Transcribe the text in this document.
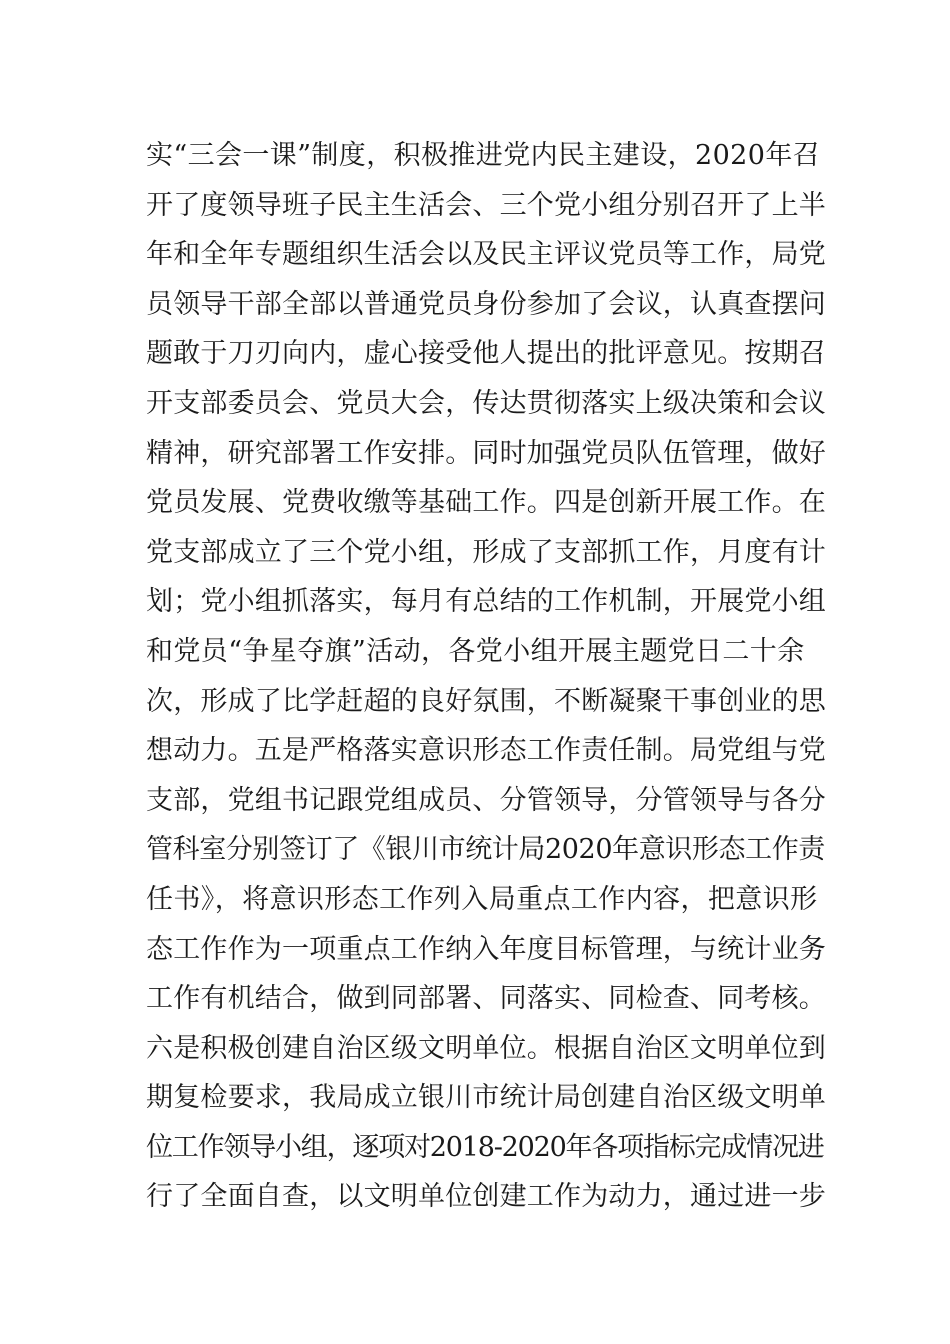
实“三会一课”制度，积极推进党内民主建设，2020年召
开了度领导班子民主生活会、三个党小组分别召开了上半
年和全年专题组织生活会以及民主评议党员等工作，局党
员领导干部全部以普通党员身份参加了会议，认真查摆问
题敢于刀刃向内，虚心接受他人提出的批评意见。按期召
开支部委员会、党员大会，传达贯彻落实上级决策和会议
精神，研究部署工作安排。同时加强党员队伍管理，做好
党员发展、党费收缴等基础工作。四是创新开展工作。在
党支部成立了三个党小组，形成了支部抓工作，月度有计
划；党小组抓落实，每月有总结的工作机制，开展党小组
和党员“争星夺旗”活动，各党小组开展主题党日二十余
次，形成了比学赶超的良好氛围，不断凝聚干事创业的思
想动力。五是严格落实意识形态工作责任制。局党组与党
支部，党组书记跟党组成员、分管领导，分管领导与各分
管科室分别签订了《银川市统计局2020年意识形态工作责
任书》，将意识形态工作列入局重点工作内容，把意识形
态工作作为一项重点工作纳入年度目标管理，与统计业务
工作有机结合，做到同部署、同落实、同检查、同考核。
六是积极创建自治区级文明单位。根据自治区文明单位到
期复检要求，我局成立银川市统计局创建自治区级文明单
位工作领导小组，逐项对2018-2020年各项指标完成情况进
行了全面自查，以文明单位创建工作为动力，通过进一步
